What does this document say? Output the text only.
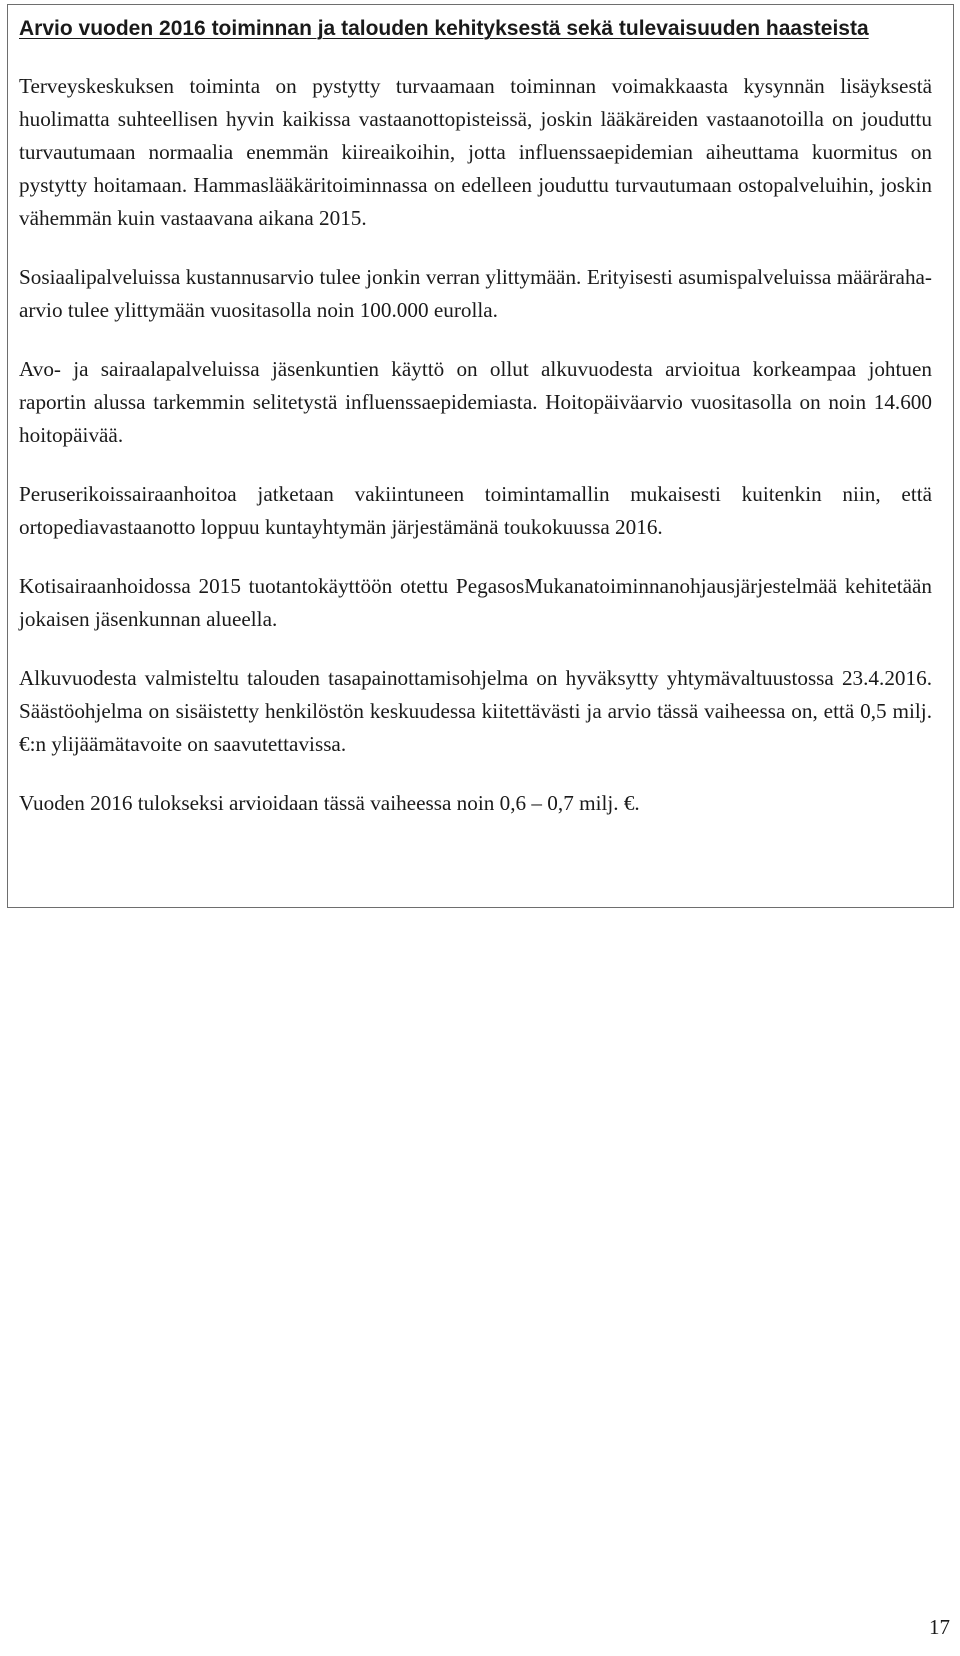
Arvio vuoden 2016 toiminnan ja talouden kehityksestä sekä tulevaisuuden haasteista

Terveyskeskuksen toiminta on pystytty turvaamaan toiminnan voimakkaasta kysynnän lisäyksestä huolimatta suhteellisen hyvin kaikissa vastaanottopisteissä, joskin lääkäreiden vastaanotoilla on jouduttu turvautumaan normaalia enemmän kiireaikoihin, jotta influenssaepidemian aiheuttama kuormitus on pystytty hoitamaan. Hammaslääkäritoiminnassa on edelleen jouduttu turvautumaan ostopalveluihin, joskin vähemmän kuin vastaavana aikana 2015.

Sosiaalipalveluissa kustannusarvio tulee jonkin verran ylittymään. Erityisesti asumispalveluissa määräraha-arvio tulee ylittymään vuositasolla noin 100.000 eurolla.

Avo- ja sairaalapalveluissa jäsenkuntien käyttö on ollut alkuvuodesta arvioitua korkeampaa johtuen raportin alussa tarkemmin selitetystä influenssaepidemiasta. Hoitopäiväarvio vuositasolla on noin 14.600 hoitopäivää.

Peruserikoissairaanhoitoa jatketaan vakiintuneen toimintamallin mukaisesti kuitenkin niin, että ortopediavastaanotto loppuu kuntayhtymän järjestämänä toukokuussa 2016.

Kotisairaanhoidossa 2015 tuotantokäyttöön otettu PegasosMukanatoiminnanohjausjärjestelmää kehitetään jokaisen jäsenkunnan alueella.

Alkuvuodesta valmisteltu talouden tasapainottamisohjelma on hyväksytty yhtymävaltuustossa 23.4.2016. Säästöohjelma on sisäistetty henkilöstön keskuudessa kiitettävästi ja arvio tässä vaiheessa on, että 0,5 milj. €:n ylijäämätavoite on saavutettavissa.

Vuoden 2016 tulokseksi arvioidaan tässä vaiheessa noin 0,6 – 0,7 milj. €.

17
